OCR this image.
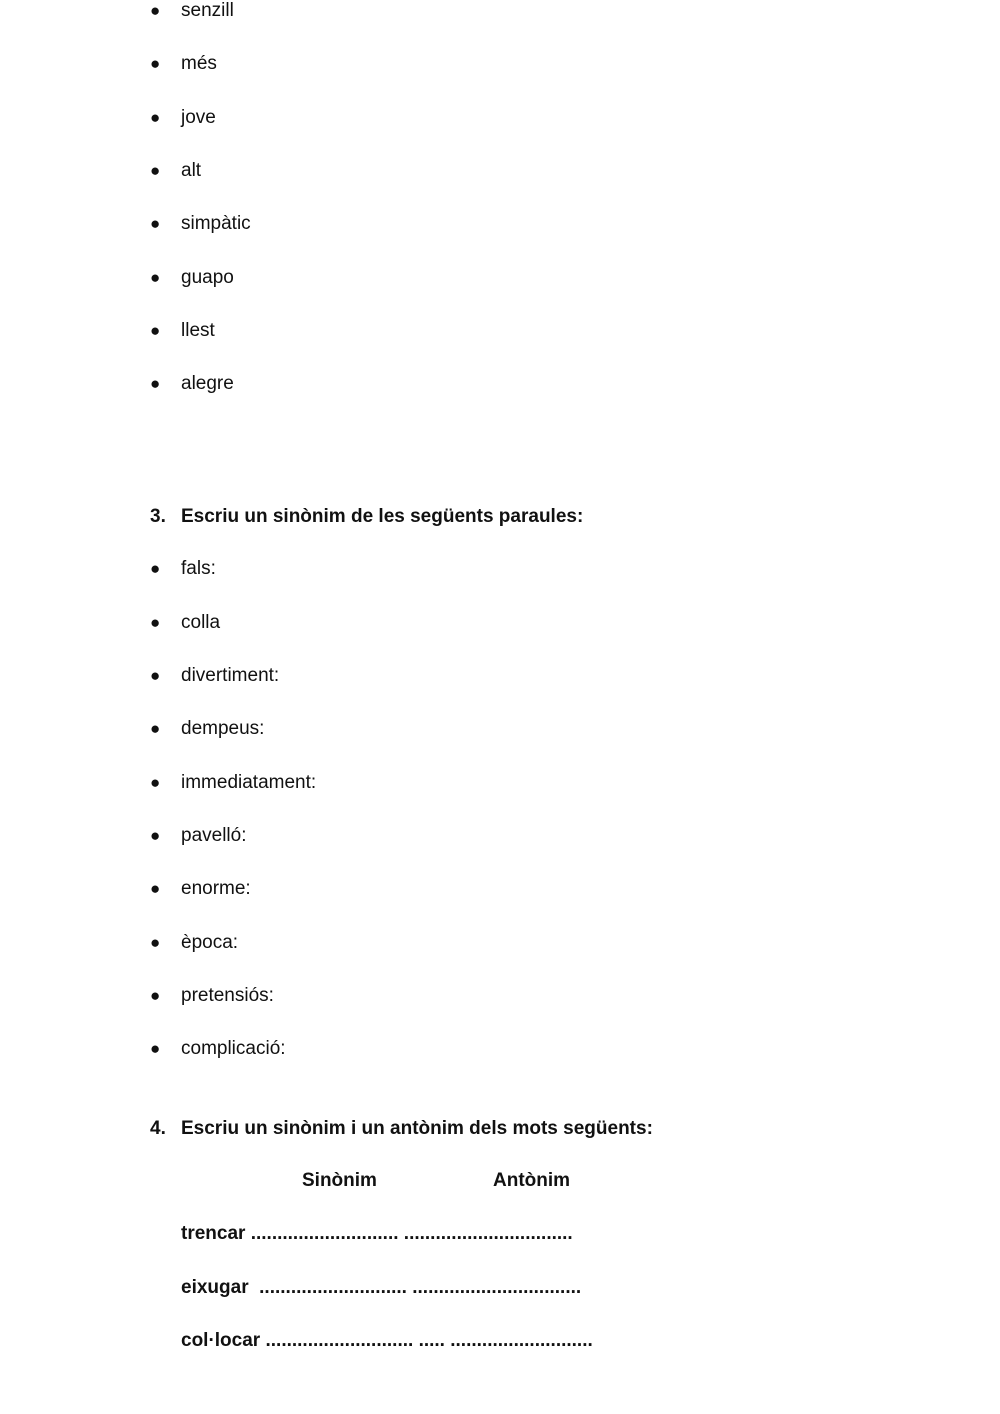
● senzill
● més
● jove
● alt
● simpàtic
● guapo
● llest
● alegre
3. Escriu un sinònim de les següents paraules:
● fals:
● colla
● divertiment:
● dempeus:
● immediatament:
● pavelló:
● enorme:
● època:
● pretensiós:
● complicació:
4. Escriu un sinònim i un antònim dels mots següents:
Sinònim	Antònim
trencar ............................ ................................
eixugar  ............................ ................................
col·locar ............................ ..... ...........................
